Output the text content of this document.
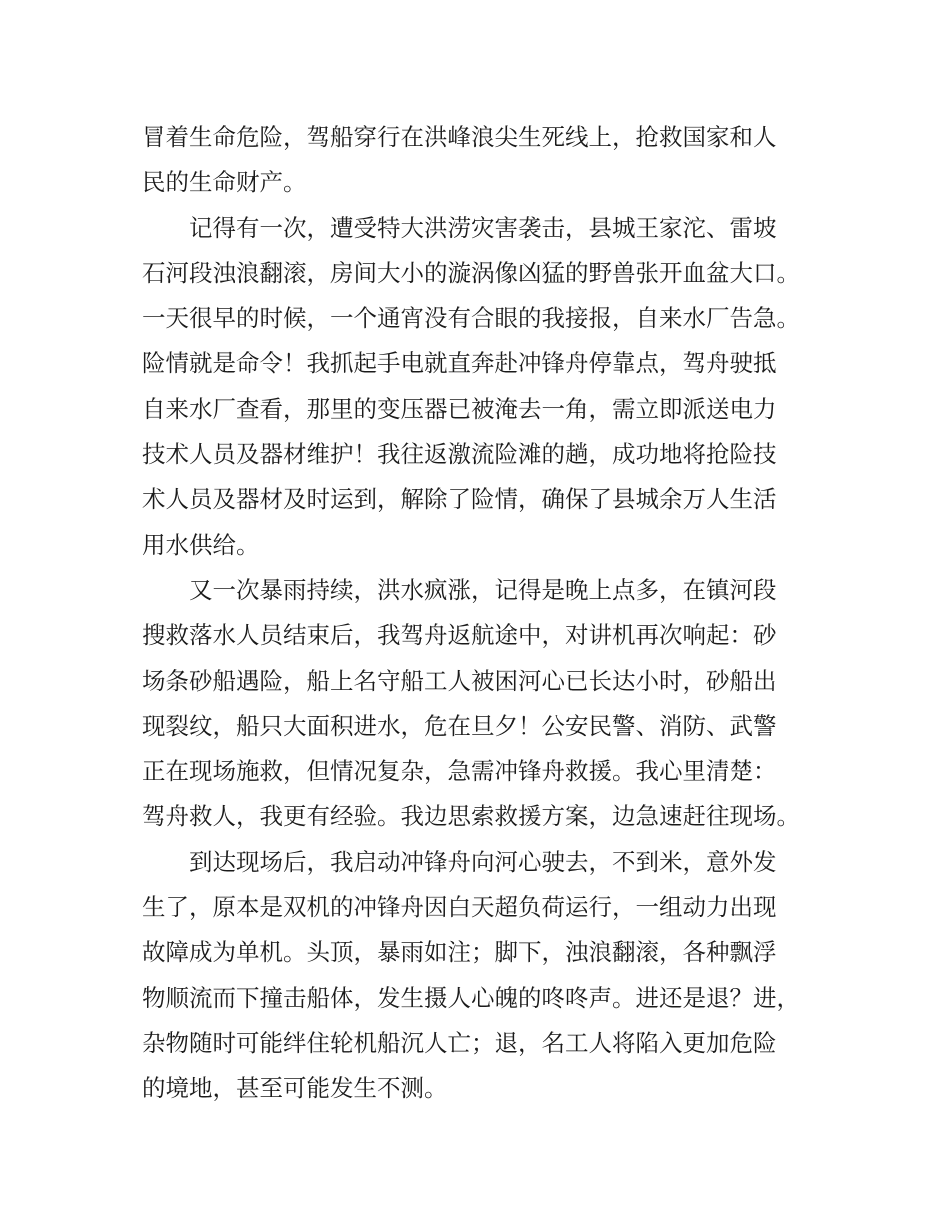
冒着生命危险，驾船穿行在洪峰浪尖生死线上，抢救国家和人
民的生命财产。
记得有一次，遭受特大洪涝灾害袭击，县城王家沱、雷坡
石河段浊浪翻滚，房间大小的漩涡像凶猛的野兽张开血盆大口。
一天很早的时候，一个通宵没有合眼的我接报，自来水厂告急。
险情就是命令！我抓起手电就直奔赴冲锋舟停靠点，驾舟驶抵
自来水厂查看，那里的变压器已被淹去一角，需立即派送电力
技术人员及器材维护！我往返激流险滩的趟，成功地将抢险技
术人员及器材及时运到，解除了险情，确保了县城余万人生活
用水供给。
又一次暴雨持续，洪水疯涨，记得是晚上点多，在镇河段
搜救落水人员结束后，我驾舟返航途中，对讲机再次响起：砂
场条砂船遇险，船上名守船工人被困河心已长达小时，砂船出
现裂纹，船只大面积进水，危在旦夕！公安民警、消防、武警
正在现场施救，但情况复杂，急需冲锋舟救援。我心里清楚：
驾舟救人，我更有经验。我边思索救援方案，边急速赶往现场。
到达现场后，我启动冲锋舟向河心驶去，不到米，意外发
生了，原本是双机的冲锋舟因白天超负荷运行，一组动力出现
故障成为单机。头顶，暴雨如注；脚下，浊浪翻滚，各种飘浮
物顺流而下撞击船体，发生摄人心魄的咚咚声。进还是退？进，
杂物随时可能绊住轮机船沉人亡；退，名工人将陷入更加危险
的境地，甚至可能发生不测。
